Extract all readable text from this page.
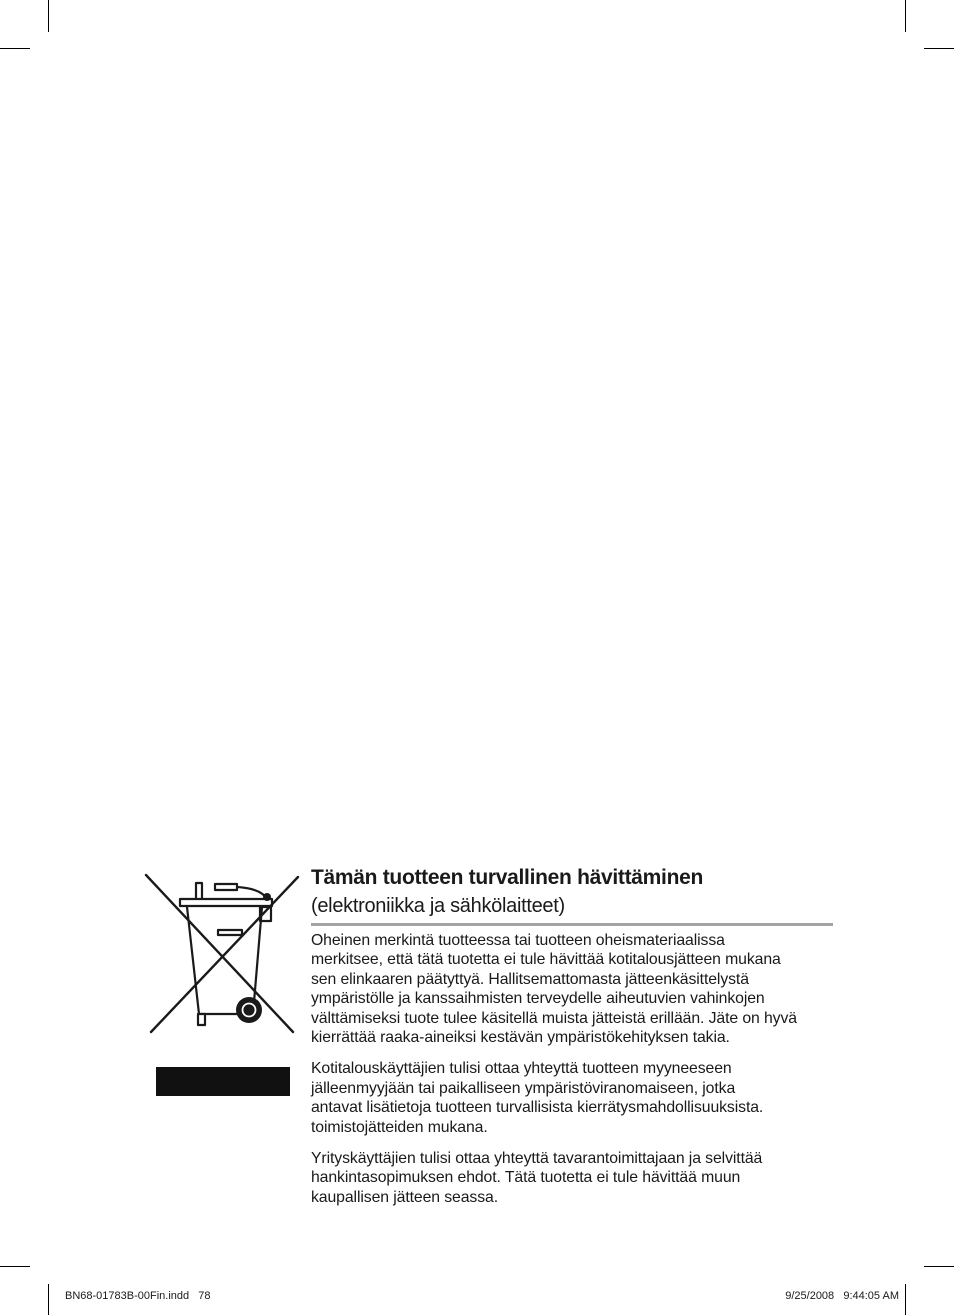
Tämän tuotteen turvallinen hävittäminen
(elektroniikka ja sähkölaitteet)

Oheinen merkintä tuotteessa tai tuotteen oheismateriaalissa
merkitsee, että tätä tuotetta ei tule hävittää kotitalousjätteen mukana
sen elinkaaren päätyttyä. Hallitsemattomasta jätteenkäsittelystä
ympäristölle ja kanssaihmisten terveydelle aiheutuvien vahinkojen
välttämiseksi tuote tulee käsitellä muista jätteistä erillään. Jäte on hyvä
kierrättää raaka-aineiksi kestävän ympäristökehityksen takia.

Kotitalouskäyttäjien tulisi ottaa yhteyttä tuotteen myyneeseen
jälleenmyyjään tai paikalliseen ympäristöviranomaiseen, jotka
antavat lisätietoja tuotteen turvallisista kierrätysmahdollisuuksista.
toimistojätteiden mukana.

Yrityskäyttäjien tulisi ottaa yhteyttä tavarantoimittajaan ja selvittää
hankintasopimuksen ehdot. Tätä tuotetta ei tule hävittää muun
kaupallisen jätteen seassa.

BN68-01783B-00Fin.indd   78	9/25/2008   9:44:05 AM
